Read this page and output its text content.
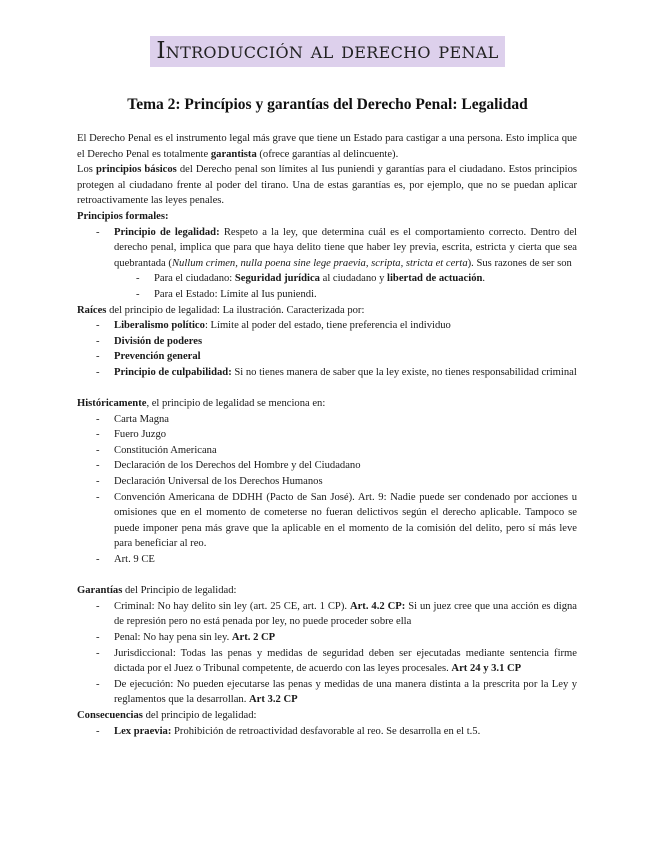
Introducción al derecho penal
Tema 2: Princípios y garantías del Derecho Penal: Legalidad

El Derecho Penal es el instrumento legal más grave que tiene un Estado para castigar a una persona. Esto implica que el Derecho Penal es totalmente garantista (ofrece garantías al delincuente).

Los principios básicos del Derecho penal son límites al Ius puniendi y garantías para el ciudadano. Estos principios protegen al ciudadano frente al poder del tirano. Una de estas garantías es, por ejemplo, que no se puedan aplicar retroactivamente las leyes penales.

Principios formales:

- Principio de legalidad: Respeto a la ley, que determina cuál es el comportamiento correcto. Dentro del derecho penal, implica que para que haya delito tiene que haber ley previa, escrita, estricta y cierta que sea quebrantada (Nullum crimen, nulla poena sine lege praevia, scripta, stricta et certa). Sus razones de ser son
- Para el ciudadano: Seguridad jurídica al ciudadano y libertad de actuación.
- Para el Estado: Límite al Ius puniendi.

Raíces del principio de legalidad: La ilustración. Caracterizada por:

- Liberalismo político: Límite al poder del estado, tiene preferencia el individuo
- División de poderes
- Prevención general
- Principio de culpabilidad: Si no tienes manera de saber que la ley existe, no tienes responsabilidad criminal

Históricamente, el principio de legalidad se menciona en:

- Carta Magna
- Fuero Juzgo
- Constitución Americana
- Declaración de los Derechos del Hombre y del Ciudadano
- Declaración Universal de los Derechos Humanos
- Convención Americana de DDHH (Pacto de San José). Art. 9: Nadie puede ser condenado por acciones u omisiones que en el momento de cometerse no fueran delictivos según el derecho aplicable. Tampoco se puede imponer pena más grave que la aplicable en el momento de la comisión del delito, pero sí más leve para beneficiar al reo.
- Art. 9 CE

Garantías del Principio de legalidad:

- Criminal: No hay delito sin ley (art. 25 CE, art. 1 CP). Art. 4.2 CP: Si un juez cree que una acción es digna de represión pero no está penada por ley, no puede proceder sobre ella
- Penal: No hay pena sin ley. Art. 2 CP
- Jurisdiccional: Todas las penas y medidas de seguridad deben ser ejecutadas mediante sentencia firme dictada por el Juez o Tribunal competente, de acuerdo con las leyes procesales. Art 24 y 3.1 CP
- De ejecución: No pueden ejecutarse las penas y medidas de una manera distinta a la prescrita por la Ley y reglamentos que la desarrollan. Art 3.2 CP

Consecuencias del principio de legalidad:

- Lex praevia: Prohibición de retroactividad desfavorable al reo. Se desarrolla en el t.5.
